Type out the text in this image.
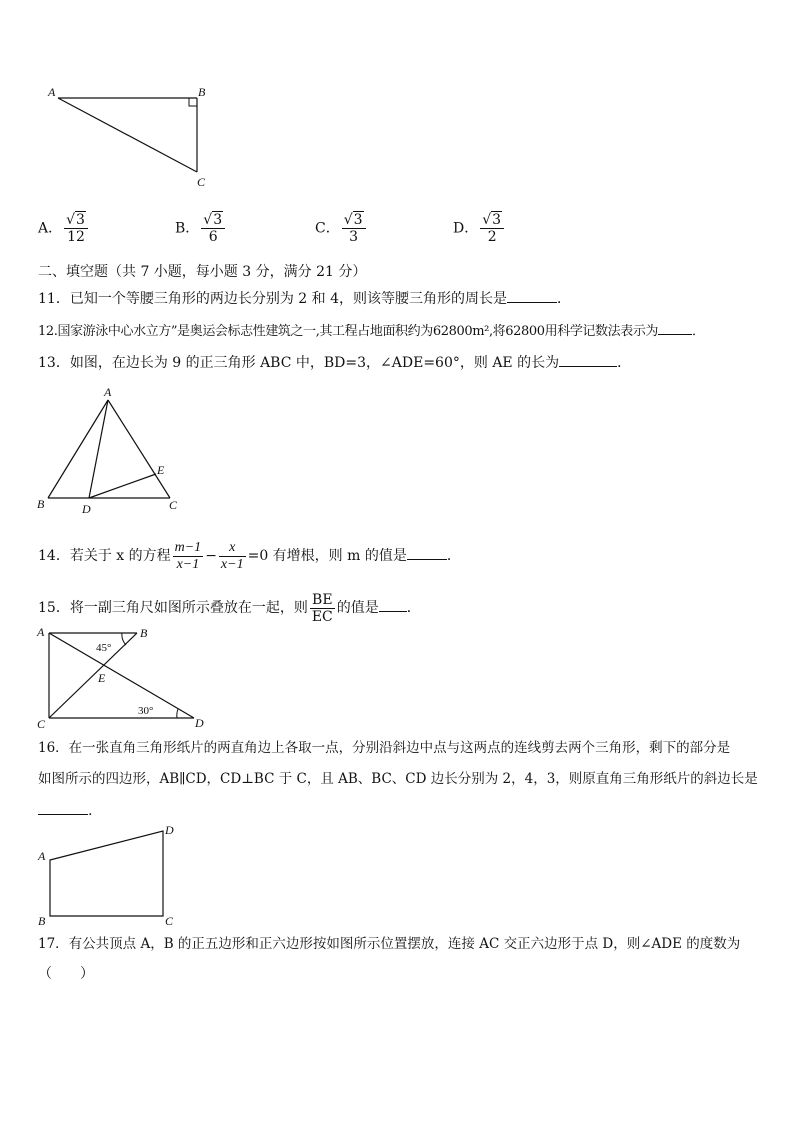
A	B
C
A． $\frac{√3}{12}$	B． $\frac{√3}{6}$	C． $\frac{√3}{3}$	D． $\frac{√3}{2}$
二、填空题（共 7 小题，每小题 3 分，满分 21 分）
11．已知一个等腰三角形的两边长分别为 2 和 4，则该等腰三角形的周长是	．
12.国家游泳中心水立方”是奥运会标志性建筑之一,其工程占地面积约为62800m²,将62800用科学记数法表示为	．
13．如图，在边长为 9 的正三角形 ABC 中，BD=3，∠ADE=60°，则 AE 的长为	．
A
B	C
D
E
14．若关于 x 的方程 $\frac{m-1}{x-1} - \frac{x}{x-1} =0$ 有增根，则 m 的值是	．
15．将一副三角尺如图所示叠放在一起，则 $\frac{BE}{EC}$ 的值是 ．
A	B
C	D
E
45°
30°
16．在一张直角三角形纸片的两直角边上各取一点，分别沿斜边中点与这两点的连线剪去两个三角形，剩下的部分是
如图所示的四边形，AB∥CD，CD⊥BC 于 C，且 AB、BC、CD 边长分别为 2，4，3，则原直角三角形纸片的斜边长是
.
A
B	C
D
17．有公共顶点 A，B 的正五边形和正六边形按如图所示位置摆放，连接 AC 交正六边形于点 D，则∠ADE 的度数为
（　　）
